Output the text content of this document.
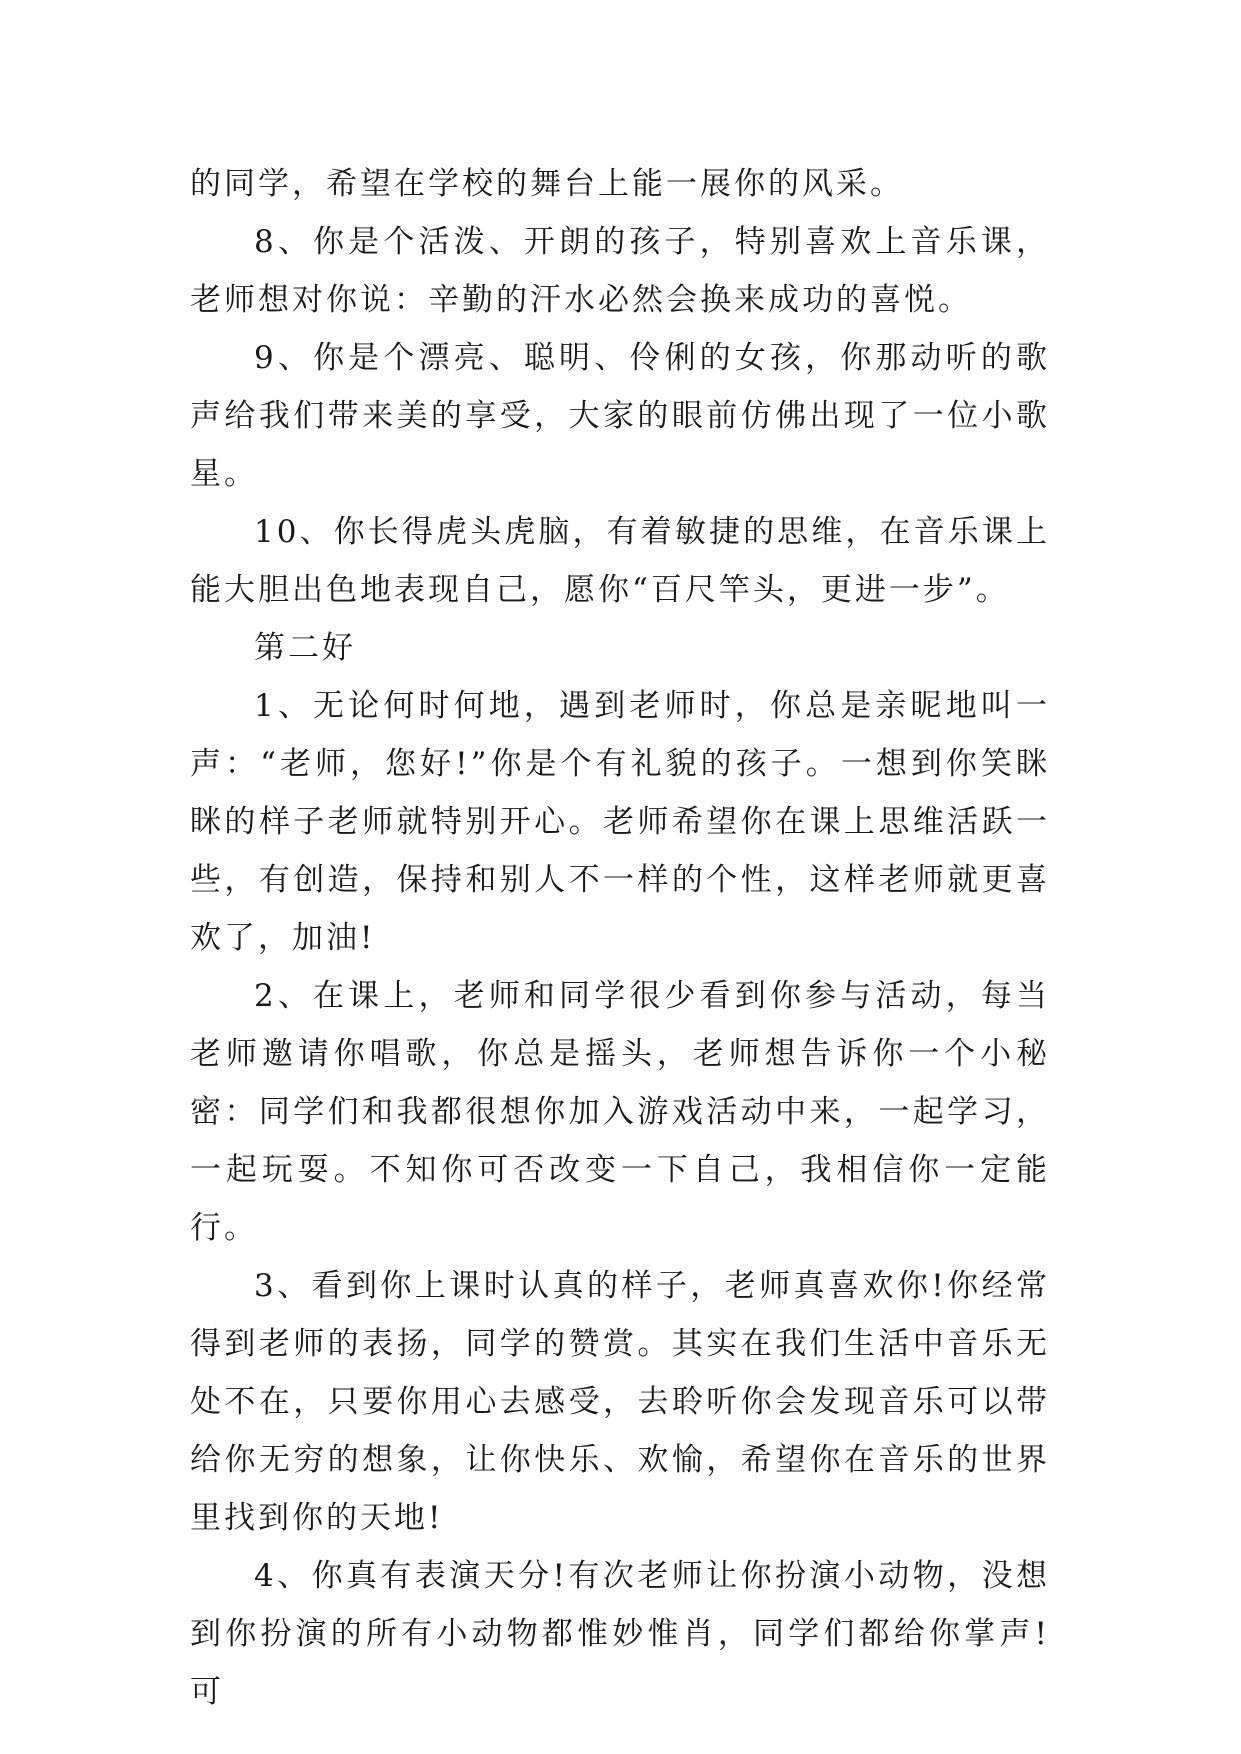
的同学，希望在学校的舞台上能一展你的风采。

8、你是个活泼、开朗的孩子，特别喜欢上音乐课，老师想对你说：辛勤的汗水必然会换来成功的喜悦。

9、你是个漂亮、聪明、伶俐的女孩，你那动听的歌声给我们带来美的享受，大家的眼前仿佛出现了一位小歌星。

10、你长得虎头虎脑，有着敏捷的思维，在音乐课上能大胆出色地表现自己，愿你“百尺竿头，更进一步”。

第二好

1、无论何时何地，遇到老师时，你总是亲昵地叫一声：“老师，您好!”你是个有礼貌的孩子。一想到你笑眯眯的样子老师就特别开心。老师希望你在课上思维活跃一些，有创造，保持和别人不一样的个性，这样老师就更喜欢了，加油!

2、在课上，老师和同学很少看到你参与活动，每当老师邀请你唱歌，你总是摇头，老师想告诉你一个小秘密：同学们和我都很想你加入游戏活动中来，一起学习，一起玩耍。不知你可否改变一下自己，我相信你一定能行。

3、看到你上课时认真的样子，老师真喜欢你!你经常得到老师的表扬，同学的赞赏。其实在我们生活中音乐无处不在，只要你用心去感受，去聆听你会发现音乐可以带给你无穷的想象，让你快乐、欢愉，希望你在音乐的世界里找到你的天地!

4、你真有表演天分!有次老师让你扮演小动物，没想到你扮演的所有小动物都惟妙惟肖，同学们都给你掌声!可
